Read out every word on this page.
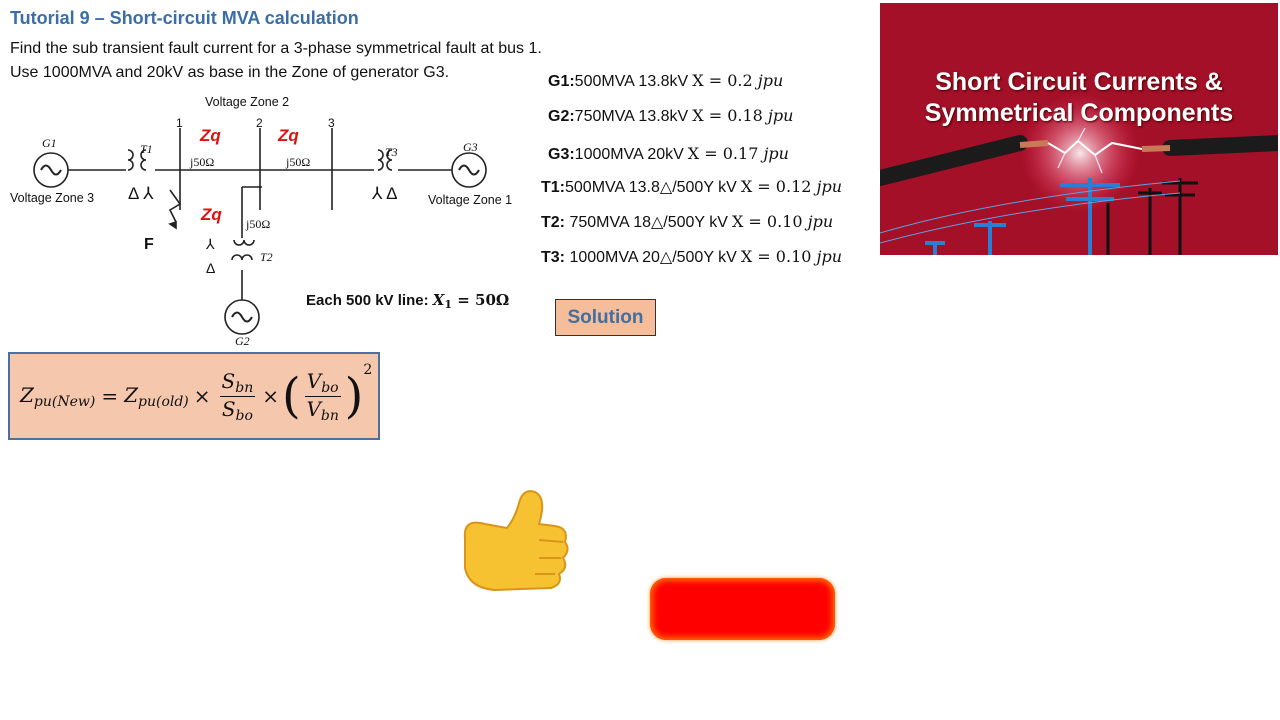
Tutorial 9 – Short-circuit MVA calculation
Find the sub transient fault current for a 3-phase symmetrical fault at bus 1.
Use 1000MVA and 20kV as base in the Zone of generator G3.
Voltage Zone 2
Voltage Zone 3	Voltage Zone 1
G1	G3
G2
T1	T3
T2
1	2	3
j50Ω	j50Ω
j50Ω
Δ ⅄	⅄ Δ
⅄
Δ
F
Zq	Zq
Zq
G1:500MVA 13.8kV X = 0.2 jpu
G2:750MVA 13.8kV X = 0.18 jpu
G3:1000MVA 20kV X = 0.17 jpu
T1:500MVA 13.8△/500Y kV X = 0.12 jpu
T2: 750MVA 18△/500Y kV X = 0.10 jpu
T3: 1000MVA 20△/500Y kV X = 0.10 jpu
Each 500 kV line: $X_1 = 50\Omega$
Short Circuit Currents &
Symmetrical Components
Solution
$Z_{pu(New)} = Z_{pu(old)} \times \frac{S_{bn}}{S_{bo}}$ × ( $\frac{V_{bo}}{V_{bn}}$ ) 2
